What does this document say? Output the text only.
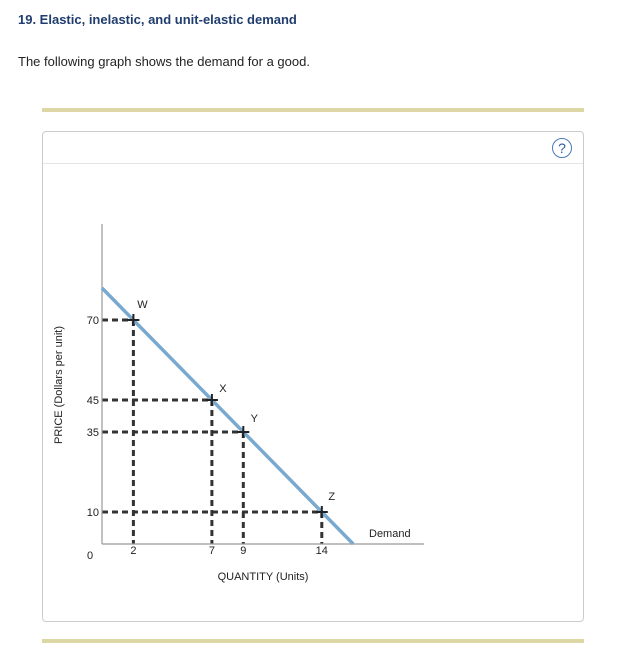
19. Elastic, inelastic, and unit-elastic demand

The following graph shows the demand for a good.

?
Demand
W
X
Y
Z
70
45
35
10
2	7 9	14
0
QUANTITY (Units)
PRICE (Dollars per unit)
